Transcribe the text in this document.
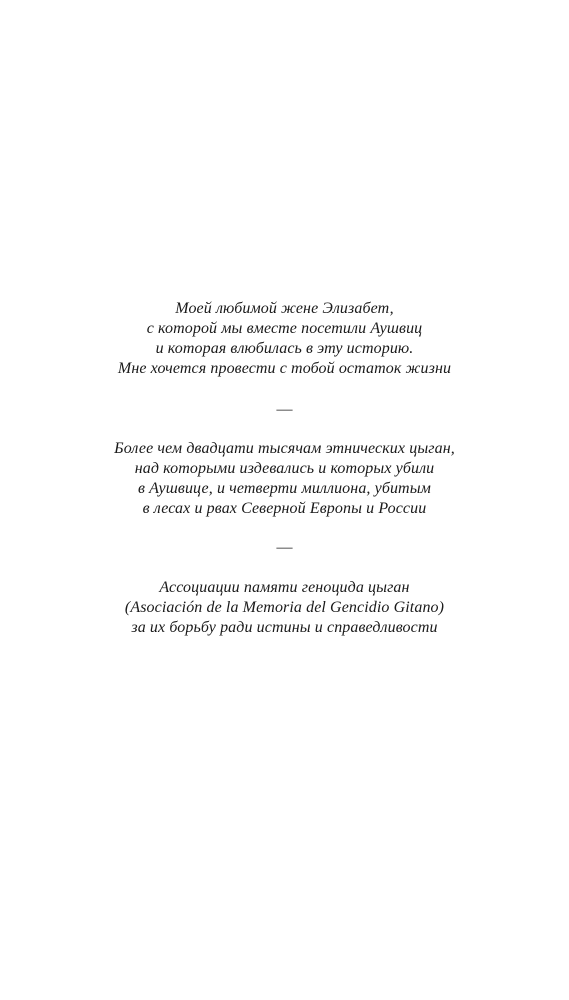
Моей любимой жене Элизабет,
с которой мы вместе посетили Аушвиц
и которая влюбилась в эту историю.
Мне хочется провести с тобой остаток жизни
—
Более чем двадцати тысячам этнических цыган,
над которыми издевались и которых убили
в Аушвице, и четверти миллиона, убитым
в лесах и рвах Северной Европы и России
—
Ассоциации памяти геноцида цыган
(Asociación de la Memoria del Gencidio Gitano)
за их борьбу ради истины и справедливости
